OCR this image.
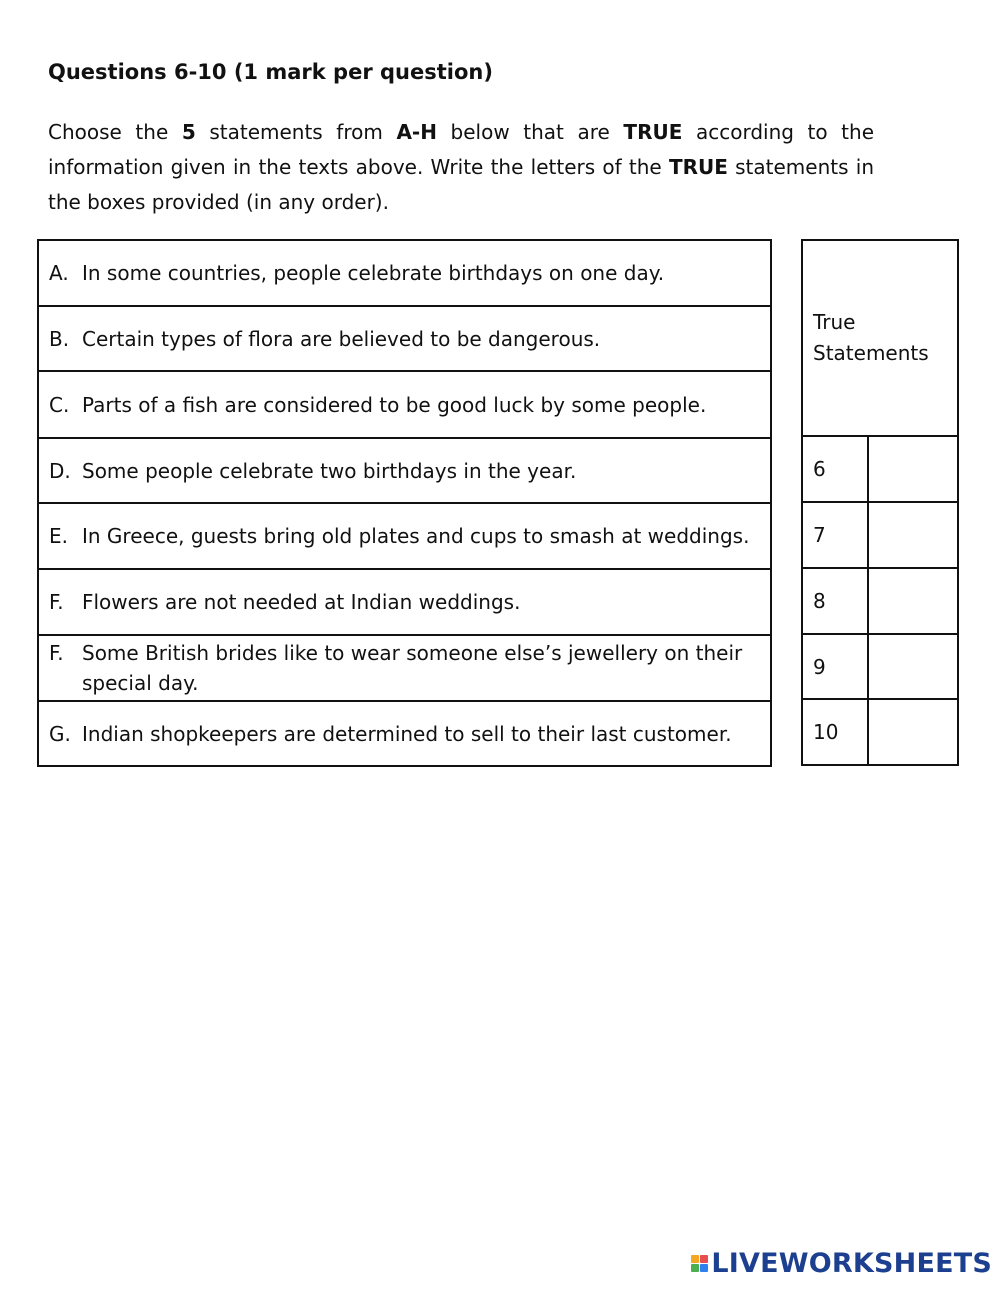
Questions 6-10 (1 mark per question)
Choose the 5 statements from A-H below that are TRUE according to the information given in the texts above. Write the letters of the TRUE statements in the boxes provided (in any order).
A. In some countries, people celebrate birthdays on one day.

B. Certain types of flora are believed to be dangerous.

C. Parts of a fish are considered to be good luck by some people.

D. Some people celebrate two birthdays in the year.

E. In Greece, guests bring old plates and cups to smash at weddings.

F. Flowers are not needed at Indian weddings.

F. Some British brides like to wear someone else’s jewellery on their special day.

G. Indian shopkeepers are determined to sell to their last customer.
True Statements	
6	
7	
8	
9	
10	
LIVEWORKSHEETS
